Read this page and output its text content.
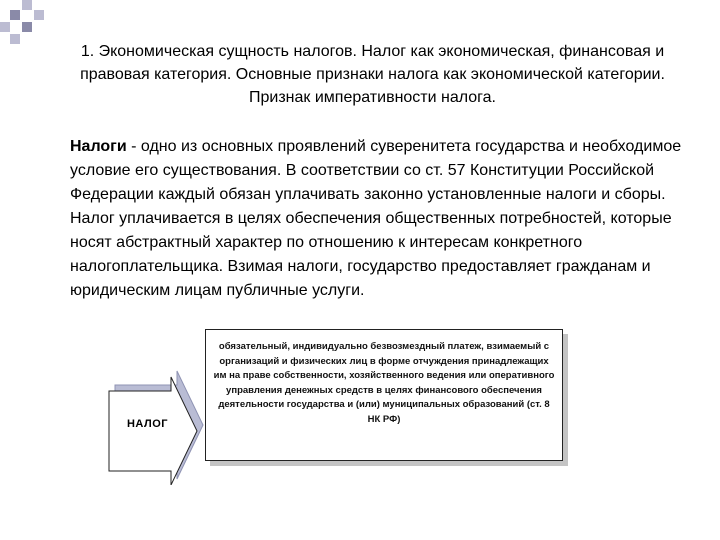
1. Экономическая сущность налогов. Налог как экономическая, финансовая и правовая категория. Основные признаки налога как экономической категории. Признак императивности налога.
Налоги - одно из основных проявлений суверенитета государства и необходимое условие его существования. В соответствии со ст. 57 Конституции Российской Федерации каждый обязан уплачивать законно установленные налоги и сборы. Налог уплачивается в целях обеспечения общественных потребностей, которые носят абстрактный характер по отношению к интересам конкретного налогоплательщика. Взимая налоги, государство предоставляет гражданам и юридическим лицам публичные услуги.
НАЛОГ
обязательный, индивидуально безвозмездный платеж, взимаемый с организаций и физических лиц в форме отчуждения принадлежащих им на праве собственности, хозяйственного ведения или оперативного управления денежных средств в целях финансового обеспечения деятельности государства и (или) муниципальных образований (ст. 8 НК РФ)
